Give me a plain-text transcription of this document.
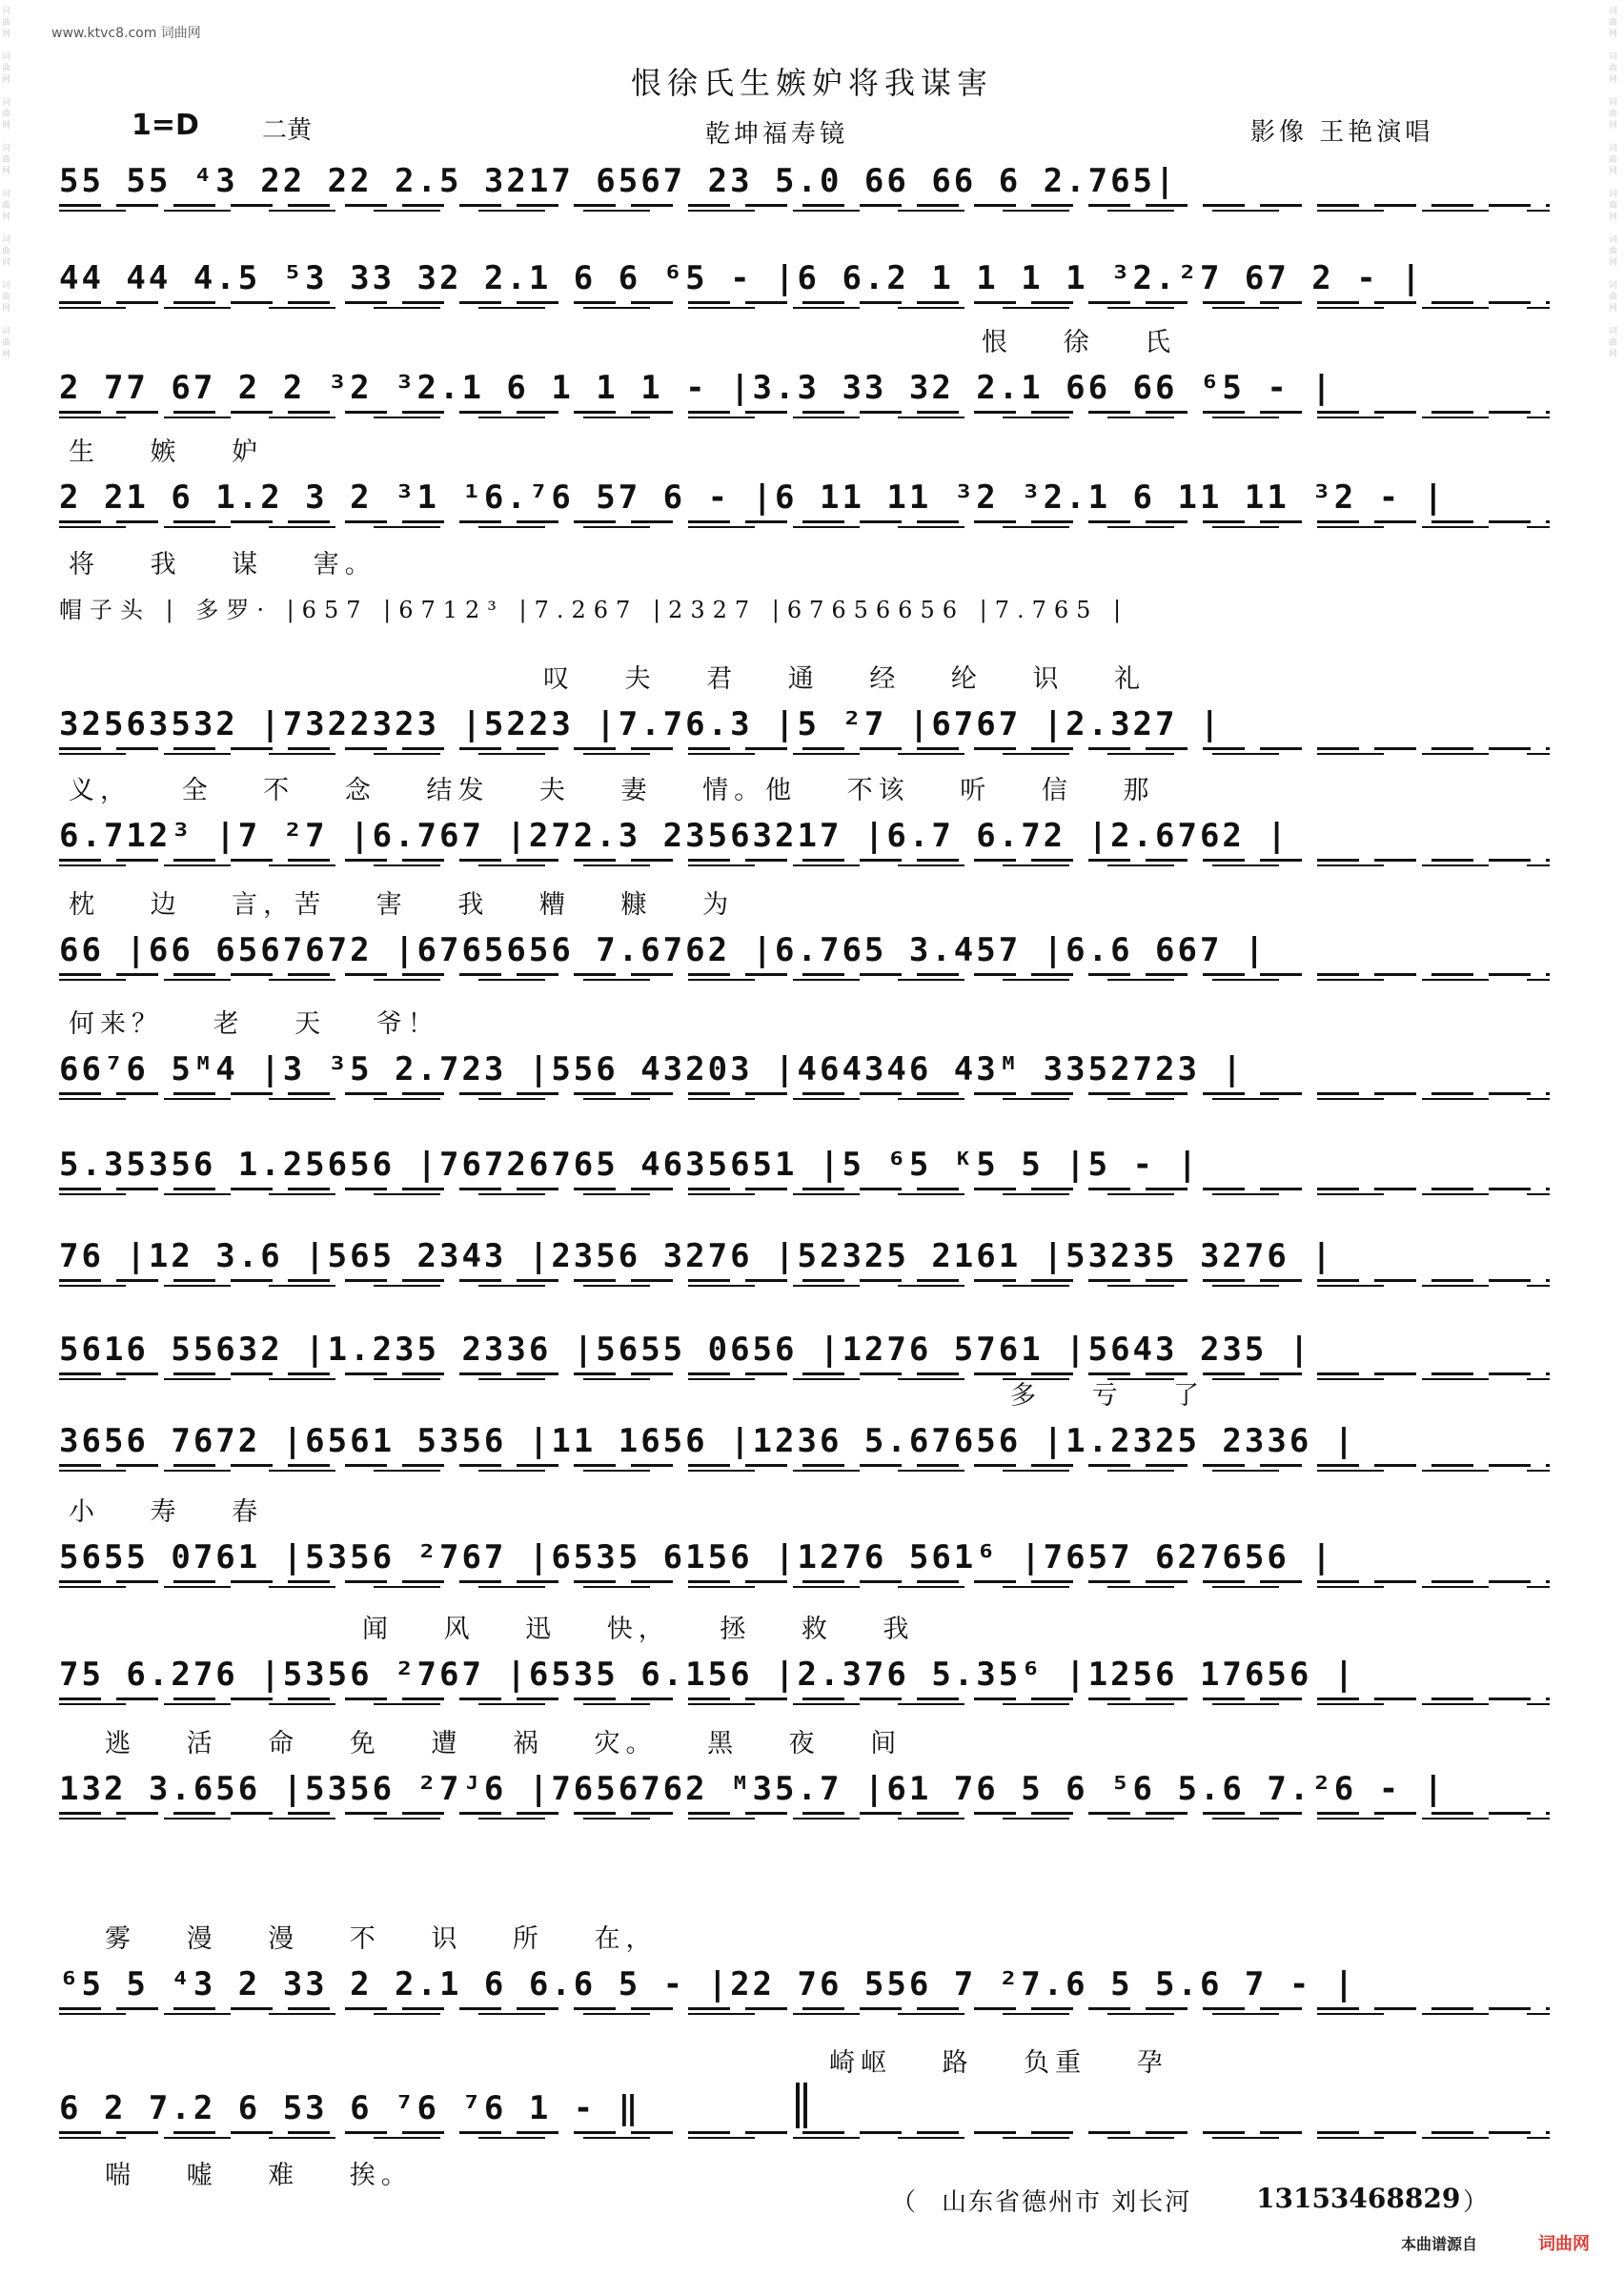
词曲网
词曲网
词曲网
词曲网
词曲网
词曲网
词曲网
词曲网
词曲网
词曲网
词曲网
词曲网
词曲网
词曲网
词曲网
词曲网
www.ktvc8.com 词曲网
恨徐氏生嫉妒将我谋害
1=D	二黄	乾坤福寿镜	影像 王艳演唱
55 55 ⁴3 22 22 2.5 3217 6567 23 5.0 66 66 6 2.765|
44 44 4.5 ⁵3 33 32 2.1 6 6 ⁶5 - |6 6.2 1 1 1 1 ³2.²7 67 2 - |
恨 徐 氏
2 77 67 2 2 ³2 ³2.1 6 1 1 1 - |3.3 33 32 2.1 66 66 ⁶5 - |
生 嫉 妒
2 21 6 1.2 3 2 ³1 ¹6.⁷6 57 6 - |6 11 11 ³2 ³2.1 6 11 11 ³2 - |
将 我 谋 害。
帽子头 | 多罗· |657 |6712³ |7.267 |2327 |67656656 |7.765 |
叹 夫 君 通 经 纶 识 礼
32563532 |7322323 |5223 |7.76.3 |5 ²7 |6767 |2.327 |
义， 全 不 念 结发 夫 妻 情。他 不该 听 信 那
6.712³ |7 ²7 |6.767 |272.3 23563217 |6.7 6.72 |2.6762 |
枕 边 言，苦 害 我 糟 糠 为
66 |66 6567672 |6765656 7.6762 |6.765 3.457 |6.6 667 |
何来？ 老 天 爷！
66⁷6 5ᴹ4 |3 ³5 2.723 |556 43203 |464346 43ᴹ 3352723 |
5.35356 1.25656 |76726765 4635651 |5 ⁶5 ᴷ5 5 |5 - |
76 |12 3.6 |565 2343 |2356 3276 |52325 2161 |53235 3276 |
5616 55632 |1.235 2336 |5655 0656 |1276 5761 |5643 235 |
多 亏 了
3656 7672 |6561 5356 |11 1656 |1236 5.67656 |1.2325 2336 |
小 寿 春
5655 0761 |5356 ²767 |6535 6156 |1276 561⁶ |7657 627656 |
闻 风 迅 快， 拯 救 我
75 6.276 |5356 ²767 |6535 6.156 |2.376 5.35⁶ |1256 17656 |
逃 活 命 免 遭 祸 灾。 黑 夜 间
132 3.656 |5356 ²7ᴶ6 |7656762 ᴹ35.7 |61 76 5 6 ⁵6 5.6 7.²6 - |
雾 漫 漫 不 识 所 在，
⁶5 5 ⁴3 2 33 2 2.1 6 6.6 5 - |22 76 556 7 ²7.6 5 5.6 7 - |
崎岖 路 负重 孕
6 2 7.2 6 53 6 ⁷6 ⁷6 1 - ‖
喘 嘘 难 挨。
（ 山东省德州市 刘长河 13153468829 ）
本曲谱源自	词曲网
